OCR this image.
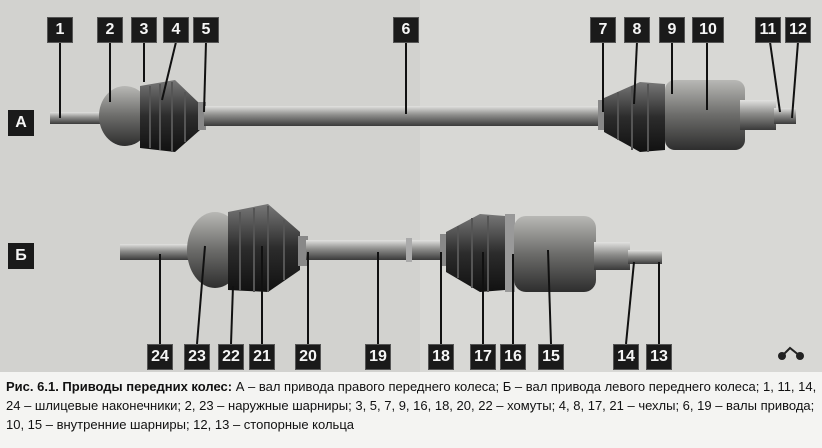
А
Б
1	2	3	4	5	6	7	8	9	10	11 12
24 23 22 21 20	19	18 17 16 15	14 13
Рис. 6.1. Приводы передних колес: А – вал привода правого переднего колеса; Б – вал привода левого переднего колеса; 1, 11, 14, 24 – шлицевые наконечники; 2, 23 – наружные шарниры; 3, 5, 7, 9, 16, 18, 20, 22 – хомуты; 4, 8, 17, 21 – чехлы; 6, 19 – валы привода; 10, 15 – внутренние шарниры; 12, 13 – стопорные кольца
